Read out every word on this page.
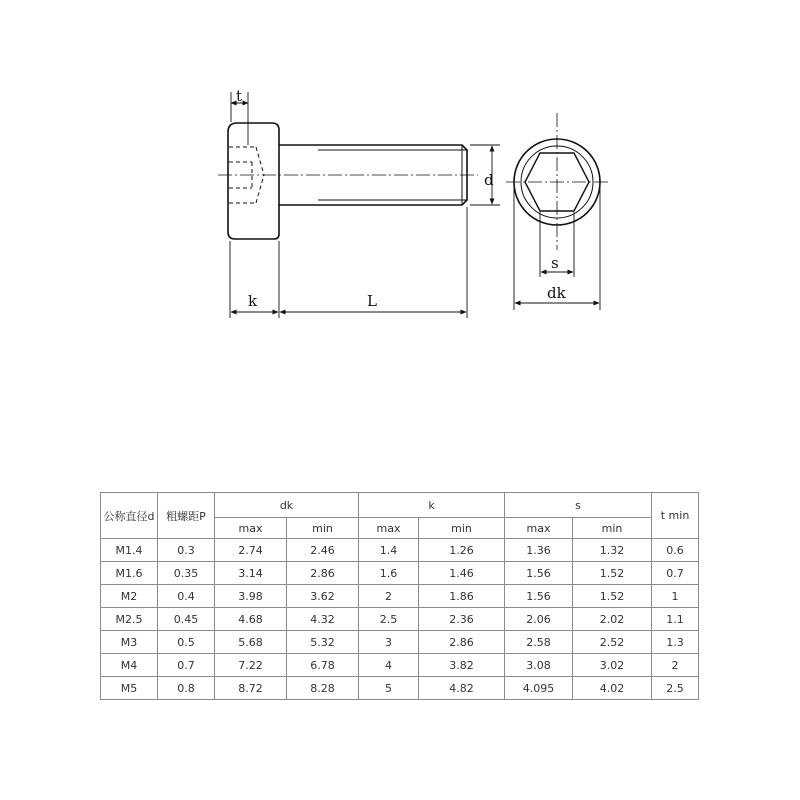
t
d
k	L
s
dk
公称直径d	粗螺距P	dk		k		s		t min
		max	min	max	min	max	min	
M1.4	0.3	2.74	2.46	1.4	1.26	1.36	1.32	0.6
M1.6	0.35	3.14	2.86	1.6	1.46	1.56	1.52	0.7
M2	0.4	3.98	3.62	2	1.86	1.56	1.52	1
M2.5	0.45	4.68	4.32	2.5	2.36	2.06	2.02	1.1
M3	0.5	5.68	5.32	3	2.86	2.58	2.52	1.3
M4	0.7	7.22	6.78	4	3.82	3.08	3.02	2
M5	0.8	8.72	8.28	5	4.82	4.095	4.02	2.5
